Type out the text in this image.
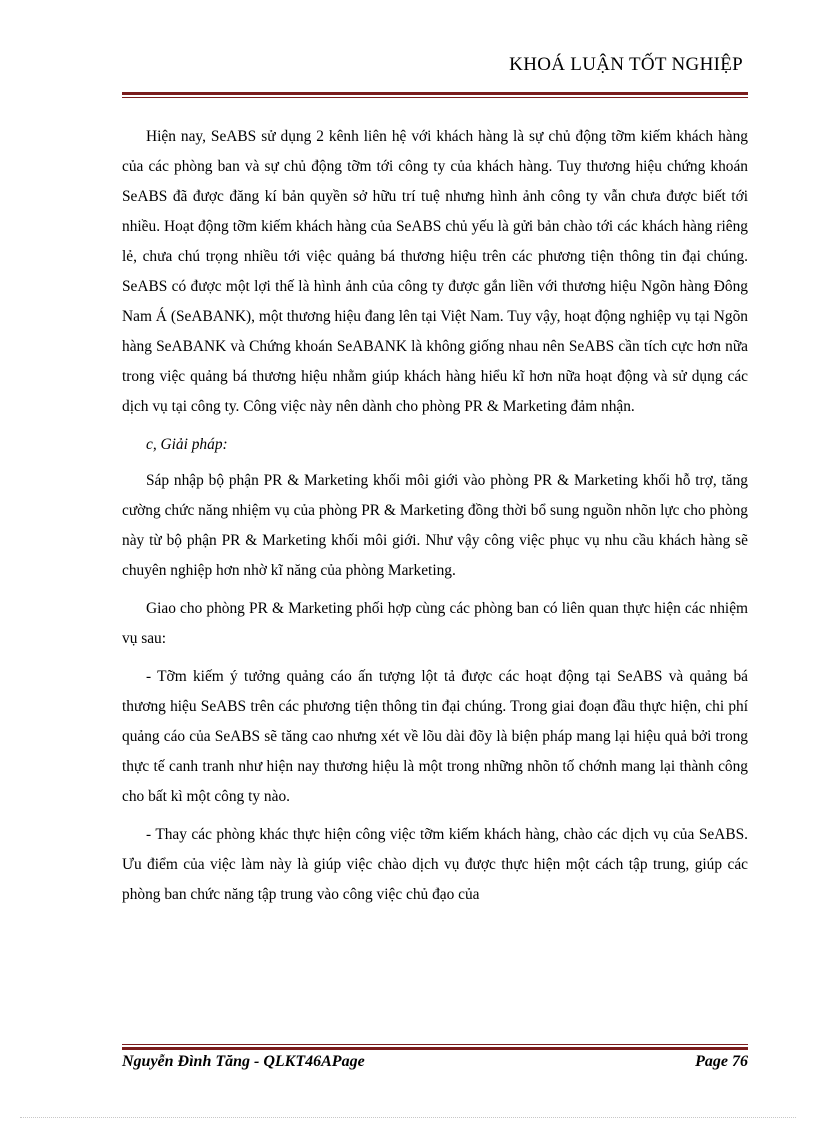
KHOÁ LUẬN TỐT NGHIỆP

Hiện nay, SeABS sử dụng 2 kênh liên hệ với khách hàng là sự chủ động tỡm kiếm khách hàng của các phòng ban và sự chủ động tỡm tới công ty của khách hàng. Tuy thương hiệu chứng khoán SeABS đã được đăng kí bản quyền sở hữu trí tuệ nhưng hình ảnh công ty vẫn chưa được biết tới nhiều. Hoạt động tỡm kiếm khách hàng của SeABS chủ yếu là gửi bản chào tới các khách hàng riêng lẻ, chưa chú trọng nhiều tới việc quảng bá thương hiệu trên các phương tiện thông tin đại chúng. SeABS có được một lợi thế là hình ảnh của công ty được gắn liền với thương hiệu Ngõn hàng Đông Nam Á (SeABANK), một thương hiệu đang lên tại Việt Nam. Tuy vậy, hoạt động nghiệp vụ tại Ngõn hàng SeABANK và Chứng khoán SeABANK là không giống nhau nên SeABS cần tích cực hơn nữa trong việc quảng bá thương hiệu nhằm giúp khách hàng hiểu kĩ hơn nữa hoạt động và sử dụng các dịch vụ tại công ty. Công việc này nên dành cho phòng PR & Marketing đảm nhận.

c, Giải pháp:

Sáp nhập bộ phận PR & Marketing khối môi giới vào phòng PR & Marketing khối hỗ trợ, tăng cường chức năng nhiệm vụ của phòng PR & Marketing đồng thời bổ sung nguồn nhõn lực cho phòng này từ bộ phận PR & Marketing khối môi giới. Như vậy công việc phục vụ nhu cầu khách hàng sẽ chuyên nghiệp hơn nhờ kĩ năng của phòng Marketing.

Giao cho phòng PR & Marketing phối hợp cùng các phòng ban có liên quan thực hiện các nhiệm vụ sau:

- Tỡm kiếm ý tưởng quảng cáo ấn tượng lột tả được các hoạt động tại SeABS và quảng bá thương hiệu SeABS trên các phương tiện thông tin đại chúng. Trong giai đoạn đầu thực hiện, chi phí quảng cáo của SeABS sẽ tăng cao nhưng xét về lõu dài đõy là biện pháp mang lại hiệu quả bởi trong thực tế canh tranh như hiện nay thương hiệu là một trong những nhõn tố chớnh mang lại thành công cho bất kì một công ty nào.

- Thay các phòng khác thực hiện công việc tỡm kiếm khách hàng, chào các dịch vụ của SeABS. Ưu điểm của việc làm này là giúp việc chào dịch vụ được thực hiện một cách tập trung, giúp các phòng ban chức năng tập trung vào công việc chủ đạo của

Nguyễn Đình Tăng - QLKT46APage	Page 76
